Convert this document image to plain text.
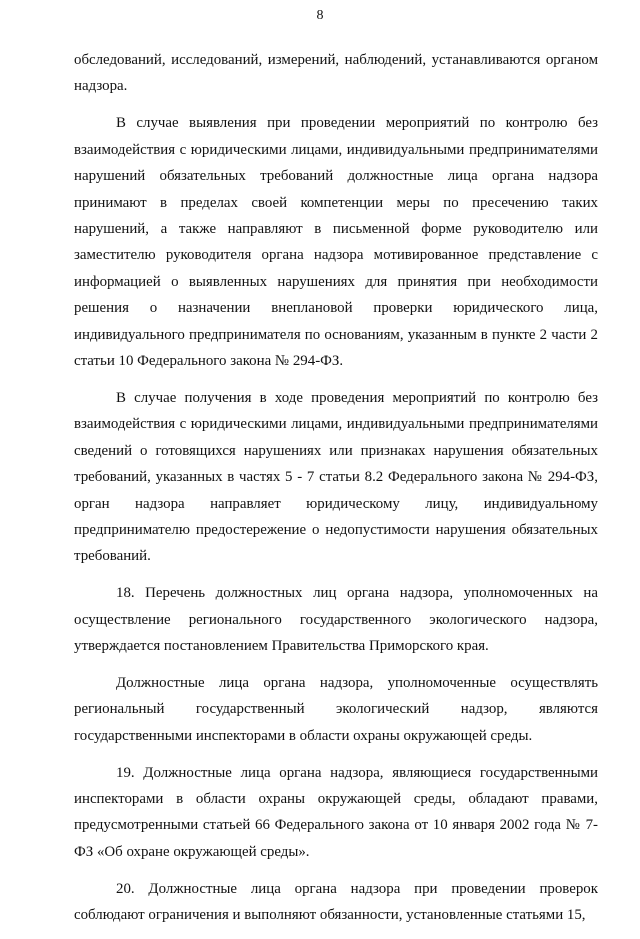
8

обследований, исследований, измерений, наблюдений, устанавливаются органом надзора.

В случае выявления при проведении мероприятий по контролю без взаимодействия с юридическими лицами, индивидуальными предпринимателями нарушений обязательных требований должностные лица органа надзора принимают в пределах своей компетенции меры по пресечению таких нарушений, а также направляют в письменной форме руководителю или заместителю руководителя органа надзора мотивированное представление с информацией о выявленных нарушениях для принятия при необходимости решения о назначении внеплановой проверки юридического лица, индивидуального предпринимателя по основаниям, указанным в пункте 2 части 2 статьи 10 Федерального закона № 294-ФЗ.

В случае получения в ходе проведения мероприятий по контролю без взаимодействия с юридическими лицами, индивидуальными предпринимателями сведений о готовящихся нарушениях или признаках нарушения обязательных требований, указанных в частях 5 - 7 статьи 8.2 Федерального закона № 294-ФЗ, орган надзора направляет юридическому лицу, индивидуальному предпринимателю предостережение о недопустимости нарушения обязательных требований.

18. Перечень должностных лиц органа надзора, уполномоченных на осуществление регионального государственного экологического надзора, утверждается постановлением Правительства Приморского края.

Должностные лица органа надзора, уполномоченные осуществлять региональный государственный экологический надзор, являются государственными инспекторами в области охраны окружающей среды.

19. Должностные лица органа надзора, являющиеся государственными инспекторами в области охраны окружающей среды, обладают правами, предусмотренными статьей 66 Федерального закона от 10 января 2002 года № 7-ФЗ «Об охране окружающей среды».

20. Должностные лица органа надзора при проведении проверок соблюдают ограничения и выполняют обязанности, установленные статьями 15,
